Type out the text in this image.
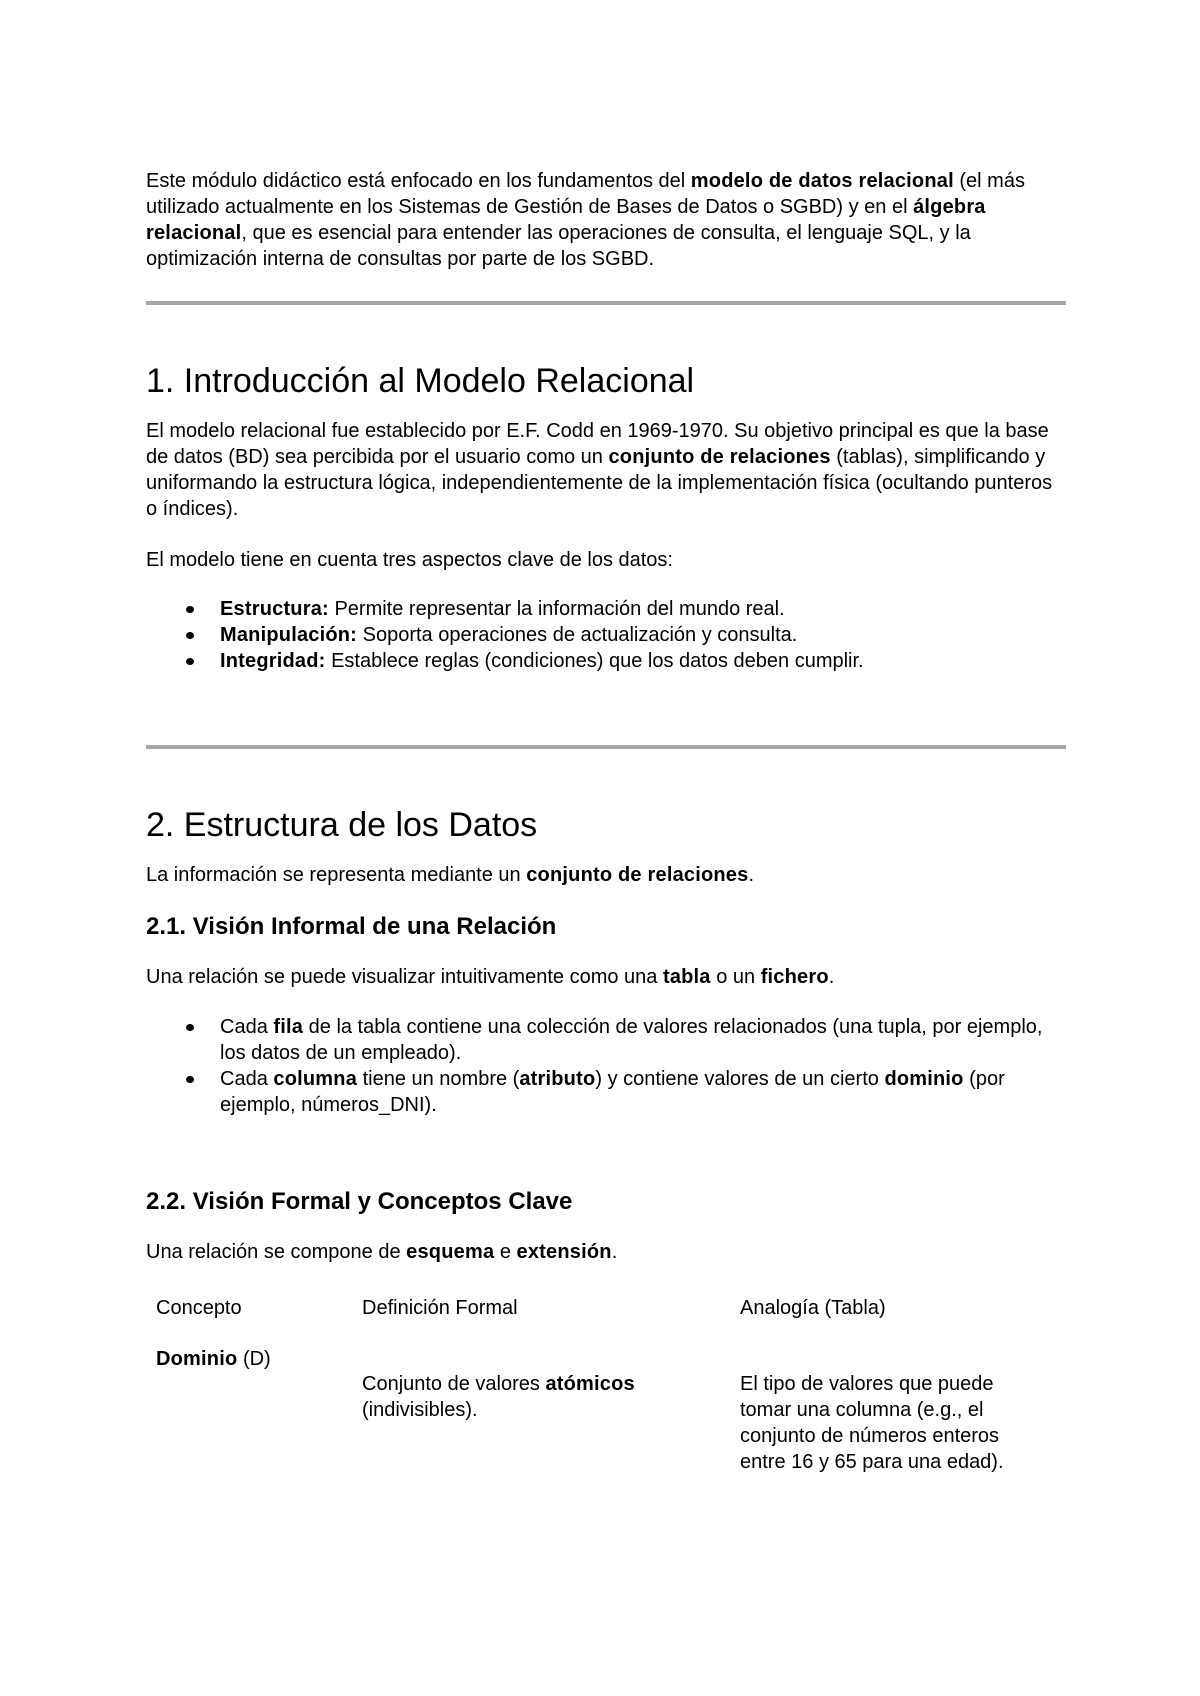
Este módulo didáctico está enfocado en los fundamentos del modelo de datos relacional (el más utilizado actualmente en los Sistemas de Gestión de Bases de Datos o SGBD) y en el álgebra relacional, que es esencial para entender las operaciones de consulta, el lenguaje SQL, y la optimización interna de consultas por parte de los SGBD.

1. Introducción al Modelo Relacional

El modelo relacional fue establecido por E.F. Codd en 1969-1970. Su objetivo principal es que la base de datos (BD) sea percibida por el usuario como un conjunto de relaciones (tablas), simplificando y uniformando la estructura lógica, independientemente de la implementación física (ocultando punteros o índices).

El modelo tiene en cuenta tres aspectos clave de los datos:

Estructura: Permite representar la información del mundo real.
Manipulación: Soporta operaciones de actualización y consulta.
Integridad: Establece reglas (condiciones) que los datos deben cumplir.
2. Estructura de los Datos

La información se representa mediante un conjunto de relaciones.

2.1. Visión Informal de una Relación

Una relación se puede visualizar intuitivamente como una tabla o un fichero.

Cada fila de la tabla contiene una colección de valores relacionados (una tupla, por ejemplo, los datos de un empleado).
Cada columna tiene un nombre (atributo) y contiene valores de un cierto dominio (por ejemplo, números_DNI).
2.2. Visión Formal y Conceptos Clave

Una relación se compone de esquema e extensión.

Concepto	Definición Formal	Analogía (Tabla)
Dominio (D)	Conjunto de valores atómicos (indivisibles).	El tipo de valores que puede tomar una columna (e.g., el conjunto de números enteros entre 16 y 65 para una edad).
